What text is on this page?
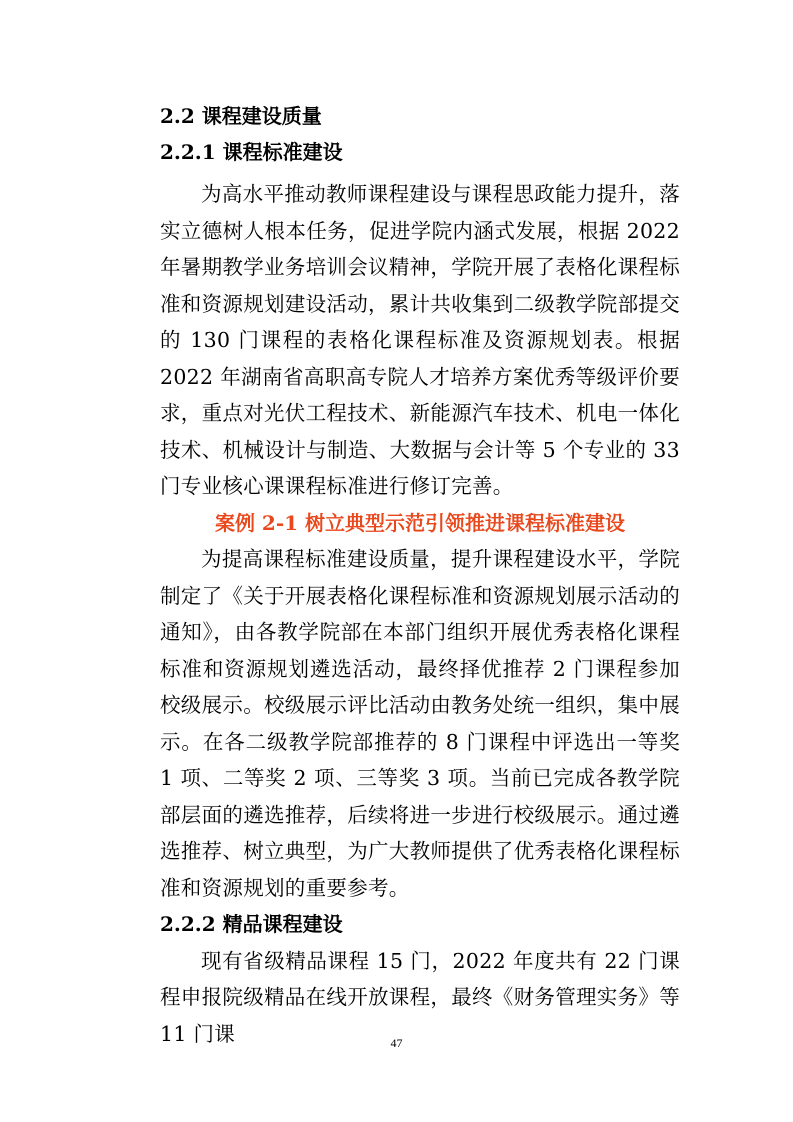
2.2 课程建设质量
2.2.1 课程标准建设

为高水平推动教师课程建设与课程思政能力提升，落实立德树人根本任务，促进学院内涵式发展，根据 2022 年暑期教学业务培训会议精神，学院开展了表格化课程标准和资源规划建设活动，累计共收集到二级教学院部提交的 130 门课程的表格化课程标准及资源规划表。根据 2022 年湖南省高职高专院人才培养方案优秀等级评价要求，重点对光伏工程技术、新能源汽车技术、机电一体化技术、机械设计与制造、大数据与会计等 5 个专业的 33 门专业核心课课程标准进行修订完善。

案例 2-1 树立典型示范引领推进课程标准建设

为提高课程标准建设质量，提升课程建设水平，学院制定了《关于开展表格化课程标准和资源规划展示活动的通知》，由各教学院部在本部门组织开展优秀表格化课程标准和资源规划遴选活动，最终择优推荐 2 门课程参加校级展示。校级展示评比活动由教务处统一组织，集中展示。在各二级教学院部推荐的 8 门课程中评选出一等奖 1 项、二等奖 2 项、三等奖 3 项。当前已完成各教学院部层面的遴选推荐，后续将进一步进行校级展示。通过遴选推荐、树立典型，为广大教师提供了优秀表格化课程标准和资源规划的重要参考。

2.2.2 精品课程建设

现有省级精品课程 15 门，2022 年度共有 22 门课程申报院级精品在线开放课程，最终《财务管理实务》等 11 门课	47
